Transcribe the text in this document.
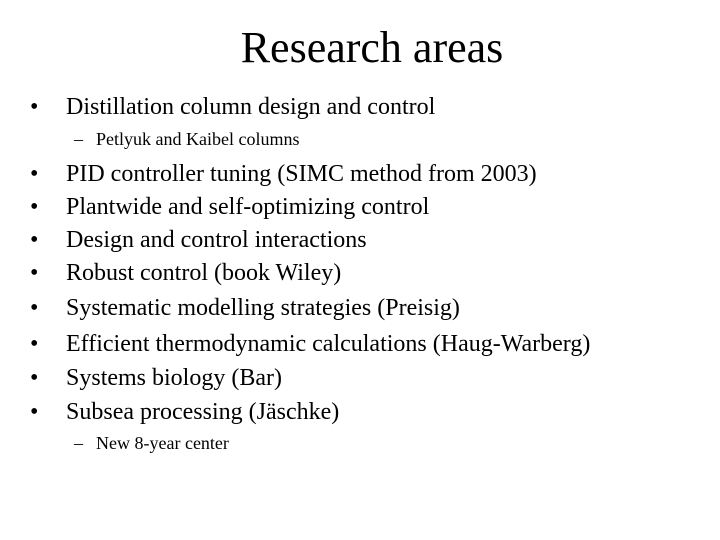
Research areas
• Distillation column design and control
– Petlyuk and Kaibel columns
• PID controller tuning (SIMC method from 2003)
• Plantwide and self-optimizing control
• Design and control interactions
• Robust control (book Wiley)
• Systematic modelling strategies (Preisig)
• Efficient thermodynamic calculations (Haug-Warberg)
• Systems biology (Bar)
• Subsea processing (Jäschke)
– New 8-year center
